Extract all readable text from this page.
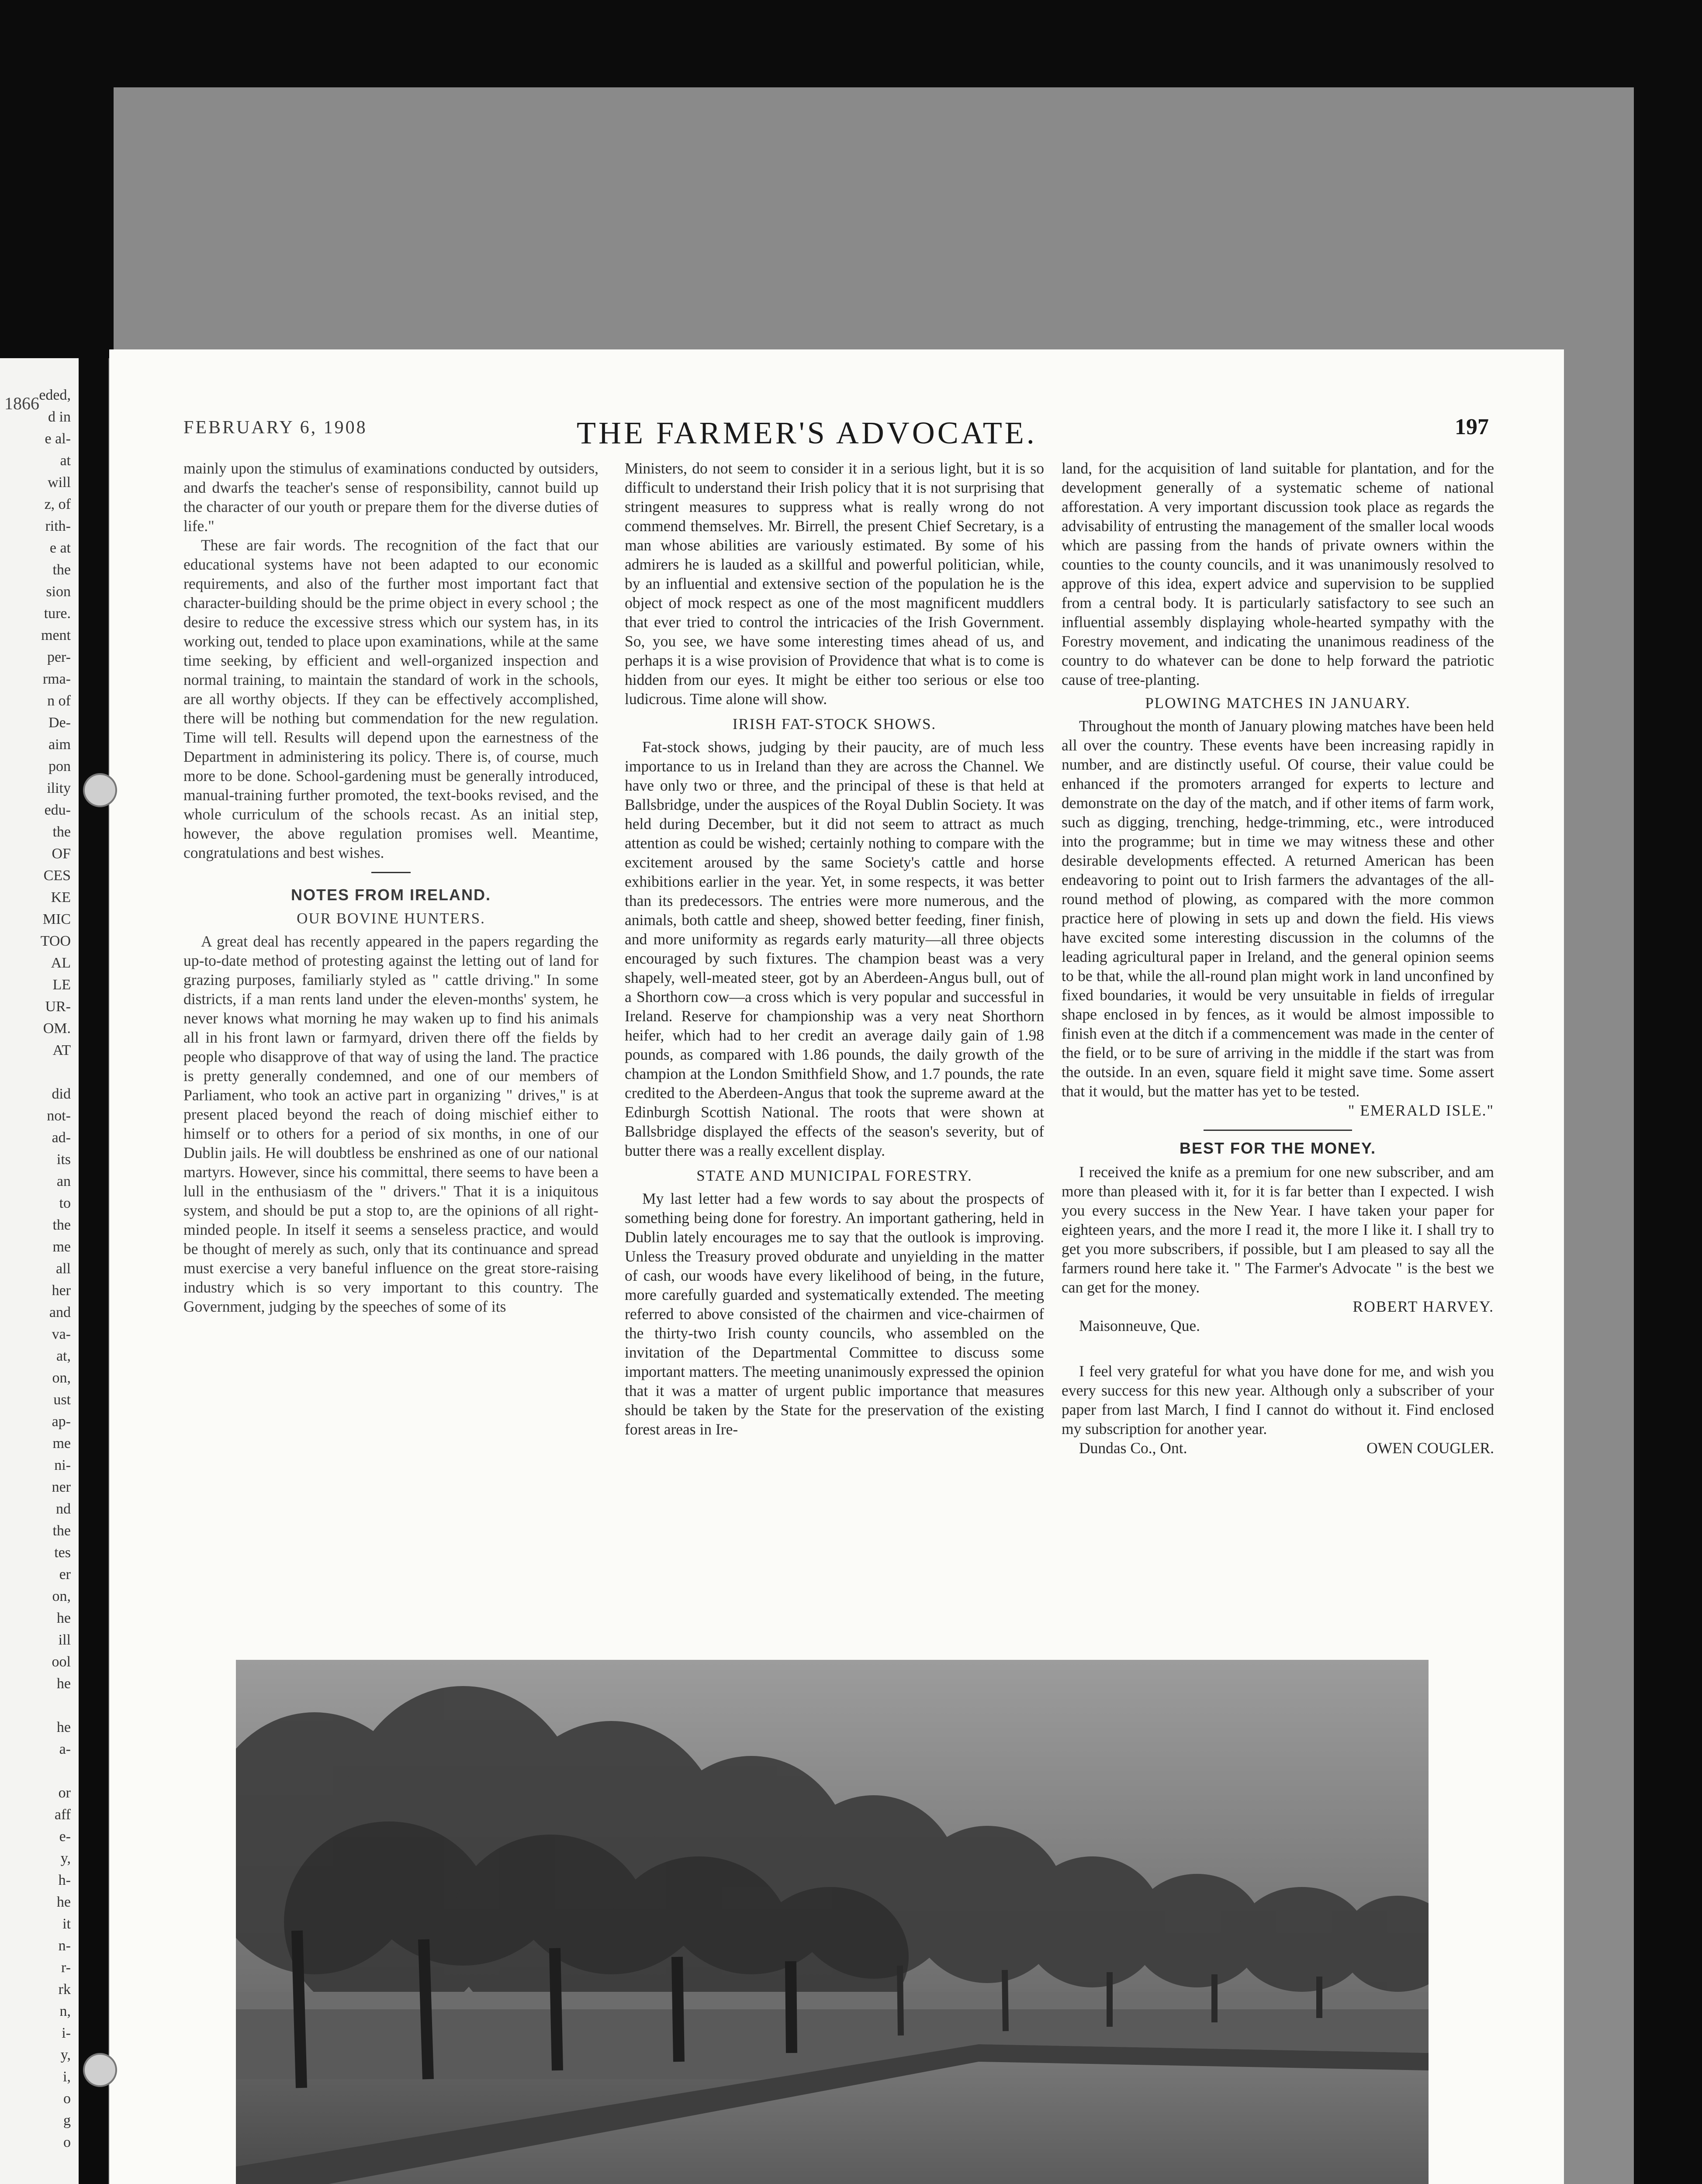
1866 eded,
d in
e al-
at
will
z, of
rith-
e at
the
sion
ture.
ment
per-
rma-
n of
De-
aim
pon
ility
edu-
the
OF
CES
KE
MIC
TOO
AL
LE
UR-
OM.
AT

did
not-
ad-
its
an
to
the
me
all
her
and
va-
at,
on,
ust
ap-
me
ni-
ner
nd
the
tes
er
on,
he
ill
ool
he

he
a-

or
aff
e-
y,
h-
he
it
n-
r-
rk
n,
i-
y,
i,
o
g
o
FEBRUARY 6, 1908	THE FARMER'S ADVOCATE.	197

mainly upon the stimulus of examinations conducted by outsiders, and dwarfs the teacher's sense of responsibility, cannot build up the character of our youth or prepare them for the diverse duties of life."

These are fair words. The recognition of the fact that our educational systems have not been adapted to our economic requirements, and also of the further most important fact that character-building should be the prime object in every school ; the desire to reduce the excessive stress which our system has, in its working out, tended to place upon examinations, while at the same time seeking, by efficient and well-organized inspection and normal training, to maintain the standard of work in the schools, are all worthy objects. If they can be effectively accomplished, there will be nothing but commendation for the new regulation. Time will tell. Results will depend upon the earnestness of the Department in administering its policy. There is, of course, much more to be done. School-gardening must be generally introduced, manual-training further promoted, the text-books revised, and the whole curriculum of the schools recast. As an initial step, however, the above regulation promises well. Meantime, congratulations and best wishes.

NOTES FROM IRELAND.
OUR BOVINE HUNTERS.

A great deal has recently appeared in the papers regarding the up-to-date method of protesting against the letting out of land for grazing purposes, familiarly styled as " cattle driving." In some districts, if a man rents land under the eleven-months' system, he never knows what morning he may waken up to find his animals all in his front lawn or farmyard, driven there off the fields by people who disapprove of that way of using the land. The practice is pretty generally condemned, and one of our members of Parliament, who took an active part in organizing " drives," is at present placed beyond the reach of doing mischief either to himself or to others for a period of six months, in one of our Dublin jails. He will doubtless be enshrined as one of our national martyrs. However, since his committal, there seems to have been a lull in the enthusiasm of the " drivers." That it is a iniquitous system, and should be put a stop to, are the opinions of all right-minded people. In itself it seems a senseless practice, and would be thought of merely as such, only that its continuance and spread must exercise a very baneful influence on the great store-raising industry which is so very important to this country. The Government, judging by the speeches of some of its

Ministers, do not seem to consider it in a serious light, but it is so difficult to understand their Irish policy that it is not surprising that stringent measures to suppress what is really wrong do not commend themselves. Mr. Birrell, the present Chief Secretary, is a man whose abilities are variously estimated. By some of his admirers he is lauded as a skillful and powerful politician, while, by an influential and extensive section of the population he is the object of mock respect as one of the most magnificent muddlers that ever tried to control the intricacies of the Irish Government. So, you see, we have some interesting times ahead of us, and perhaps it is a wise provision of Providence that what is to come is hidden from our eyes. It might be either too serious or else too ludicrous. Time alone will show.

IRISH FAT-STOCK SHOWS.

Fat-stock shows, judging by their paucity, are of much less importance to us in Ireland than they are across the Channel. We have only two or three, and the principal of these is that held at Ballsbridge, under the auspices of the Royal Dublin Society. It was held during December, but it did not seem to attract as much attention as could be wished; certainly nothing to compare with the excitement aroused by the same Society's cattle and horse exhibitions earlier in the year. Yet, in some respects, it was better than its predecessors. The entries were more numerous, and the animals, both cattle and sheep, showed better feeding, finer finish, and more uniformity as regards early maturity—all three objects encouraged by such fixtures. The champion beast was a very shapely, well-meated steer, got by an Aberdeen-Angus bull, out of a Shorthorn cow—a cross which is very popular and successful in Ireland. Reserve for championship was a very neat Shorthorn heifer, which had to her credit an average daily gain of 1.98 pounds, as compared with 1.86 pounds, the daily growth of the champion at the London Smithfield Show, and 1.7 pounds, the rate credited to the Aberdeen-Angus that took the supreme award at the Edinburgh Scottish National. The roots that were shown at Ballsbridge displayed the effects of the season's severity, but of butter there was a really excellent display.

STATE AND MUNICIPAL FORESTRY.

My last letter had a few words to say about the prospects of something being done for forestry. An important gathering, held in Dublin lately encourages me to say that the outlook is improving. Unless the Treasury proved obdurate and unyielding in the matter of cash, our woods have every likelihood of being, in the future, more carefully guarded and systematically extended. The meeting referred to above consisted of the chairmen and vice-chairmen of the thirty-two Irish county councils, who assembled on the invitation of the Departmental Committee to discuss some important matters. The meeting unanimously expressed the opinion that it was a matter of urgent public importance that measures should be taken by the State for the preservation of the existing forest areas in Ire-

land, for the acquisition of land suitable for plantation, and for the development generally of a systematic scheme of national afforestation. A very important discussion took place as regards the advisability of entrusting the management of the smaller local woods which are passing from the hands of private owners within the counties to the county councils, and it was unanimously resolved to approve of this idea, expert advice and supervision to be supplied from a central body. It is particularly satisfactory to see such an influential assembly displaying whole-hearted sympathy with the Forestry movement, and indicating the unanimous readiness of the country to do whatever can be done to help forward the patriotic cause of tree-planting.

PLOWING MATCHES IN JANUARY.

Throughout the month of January plowing matches have been held all over the country. These events have been increasing rapidly in number, and are distinctly useful. Of course, their value could be enhanced if the promoters arranged for experts to lecture and demonstrate on the day of the match, and if other items of farm work, such as digging, trenching, hedge-trimming, etc., were introduced into the programme; but in time we may witness these and other desirable developments effected. A returned American has been endeavoring to point out to Irish farmers the advantages of the all-round method of plowing, as compared with the more common practice here of plowing in sets up and down the field. His views have excited some interesting discussion in the columns of the leading agricultural paper in Ireland, and the general opinion seems to be that, while the all-round plan might work in land unconfined by fixed boundaries, it would be very unsuitable in fields of irregular shape enclosed in by fences, as it would be almost impossible to finish even at the ditch if a commencement was made in the center of the field, or to be sure of arriving in the middle if the start was from the outside. In an even, square field it might save time. Some assert that it would, but the matter has yet to be tested.

" EMERALD ISLE."

BEST FOR THE MONEY.

I received the knife as a premium for one new subscriber, and am more than pleased with it, for it is far better than I expected. I wish you every success in the New Year. I have taken your paper for eighteen years, and the more I read it, the more I like it. I shall try to get you more subscribers, if possible, but I am pleased to say all the farmers round here take it. " The Farmer's Advocate " is the best we can get for the money.

ROBERT HARVEY.

Maisonneuve, Que.

I feel very grateful for what you have done for me, and wish you every success for this new year. Although only a subscriber of your paper from last March, I find I cannot do without it. Find enclosed my subscription for another year.

Dundas Co., Ont.	OWEN COUGLER.
